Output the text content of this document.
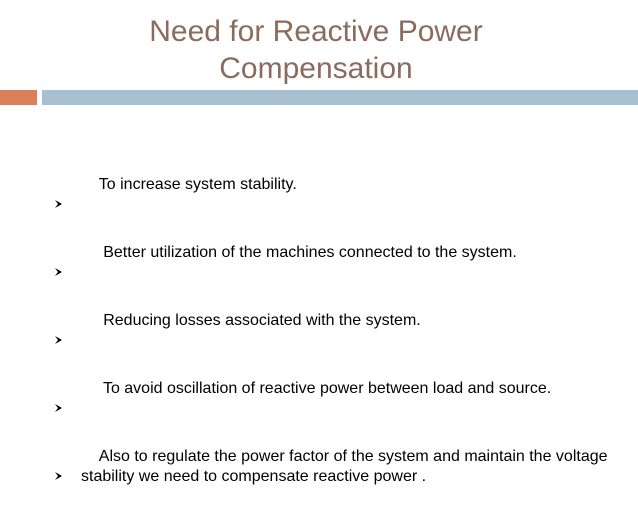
Need for Reactive Power
Compensation

To increase system stability.

Better utilization of the machines connected to the system.

Reducing losses associated with the system.

To avoid oscillation of reactive power between load and source.

Also to regulate the power factor of the system and maintain the voltage stability we need to compensate reactive power .
